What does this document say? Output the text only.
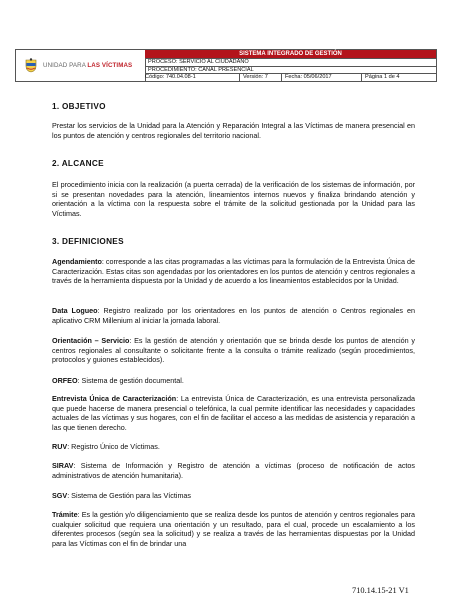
UNIDAD PARA LAS VÍCTIMAS
SISTEMA INTEGRADO DE GESTIÓN
PROCESO: SERVICIO AL CIUDADANO
PROCEDIMIENTO: CANAL PRESENCIAL
Código: 740.04.08-1	Versión: 7	Fecha: 05/06/2017	Página 1 de 4
1. OBJETIVO
Prestar los servicios de la Unidad para la Atención y Reparación Integral a las Víctimas de manera presencial en los puntos de atención y centros regionales del territorio nacional.
2. ALCANCE
El procedimiento inicia con la realización (a puerta cerrada) de la verificación de los sistemas de información, por si se presentan novedades para la atención, lineamientos internos nuevos y finaliza brindando atención y orientación a la víctima con la respuesta sobre el trámite de la solicitud gestionada por la Unidad para las Víctimas.
3. DEFINICIONES
Agendamiento: corresponde a las citas programadas a las víctimas para la formulación de la Entrevista Única de Caracterización. Estas citas son agendadas por los orientadores en los puntos de atención y centros regionales a través de la herramienta dispuesta por la Unidad y de acuerdo a los lineamientos establecidos por la Unidad.
Data Logueo: Registro realizado por los orientadores en los puntos de atención o Centros regionales en aplicativo CRM Millenium al iniciar la jornada laboral.
Orientación – Servicio: Es la gestión de atención y orientación que se brinda desde los puntos de atención y centros regionales al consultante o solicitante frente a la consulta o trámite realizado (según procedimientos, protocolos y guiones establecidos).
ORFEO: Sistema de gestión documental.
Entrevista Única de Caracterización: La entrevista Única de Caracterización, es una entrevista personalizada que puede hacerse de manera presencial o telefónica, la cual permite identificar las necesidades y capacidades actuales de las víctimas y sus hogares, con el fin de facilitar el acceso a las medidas de asistencia y reparación a las que tienen derecho.
RUV: Registro Único de Víctimas.
SIRAV: Sistema de Información y Registro de atención a víctimas (proceso de notificación de actos administrativos de atención humanitaria).
SGV: Sistema de Gestión para las Víctimas
Trámite: Es la gestión y/o diligenciamiento que se realiza desde los puntos de atención y centros regionales para cualquier solicitud que requiera una orientación y un resultado, para el cual, procede un escalamiento a los diferentes procesos (según sea la solicitud) y se realiza a través de las herramientas dispuestas por la Unidad para las Víctimas con el fin de brindar una
710.14.15-21 V1
